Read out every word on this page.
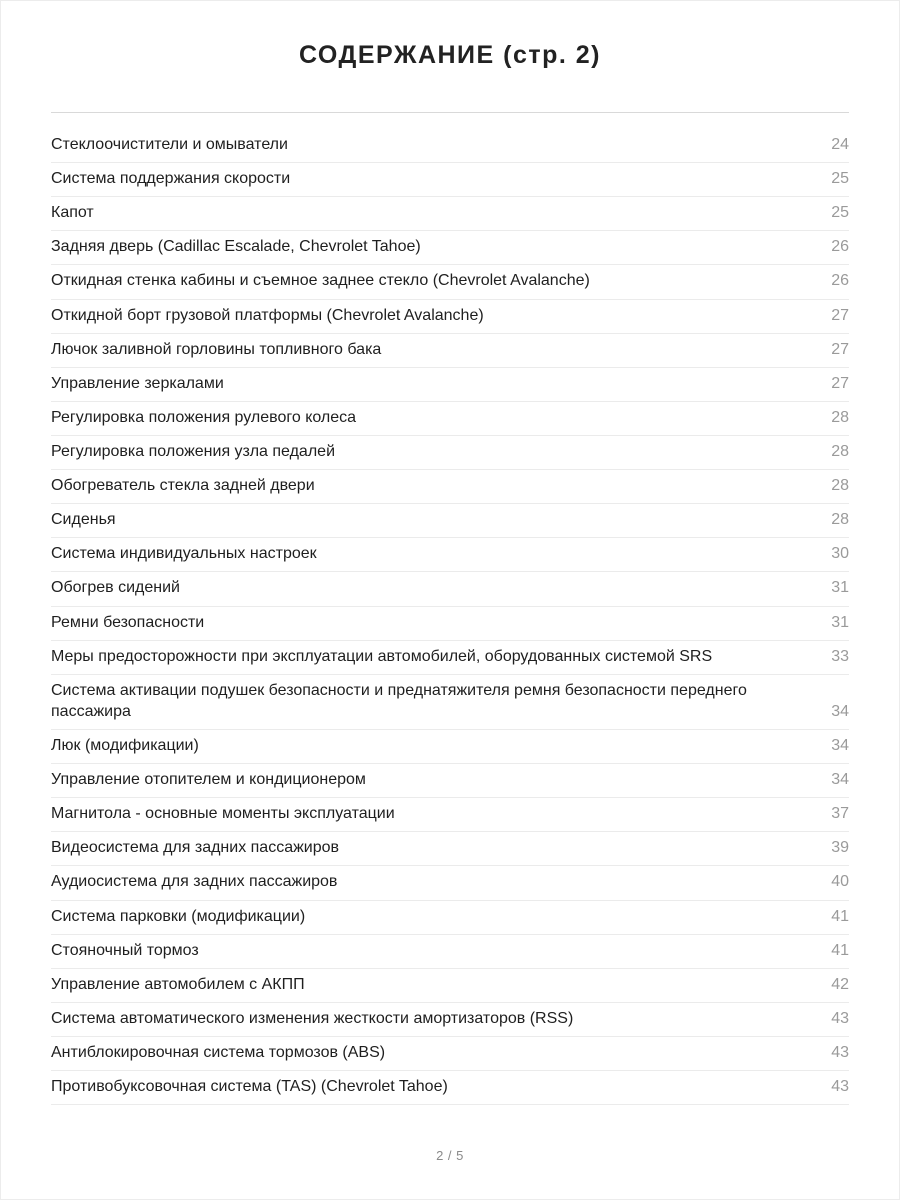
СОДЕРЖАНИЕ (стр. 2)
Стеклоочистители и омыватели	24
Система поддержания скорости	25
Капот	25
Задняя дверь (Cadillac Escalade, Chevrolet Tahoe)	26
Откидная стенка кабины и съемное заднее стекло (Chevrolet Avalanche)	26
Откидной борт грузовой платформы (Chevrolet Avalanche)	27
Лючок заливной горловины топливного бака	27
Управление зеркалами	27
Регулировка положения рулевого колеса	28
Регулировка положения узла педалей	28
Обогреватель стекла задней двери	28
Сиденья	28
Система индивидуальных настроек	30
Обогрев сидений	31
Ремни безопасности	31
Меры предосторожности при эксплуатации автомобилей, оборудованных системой SRS	33
Система активации подушек безопасности и преднатяжителя ремня безопасности переднего пассажира	34
Люк (модификации)	34
Управление отопителем и кондиционером	34
Магнитола - основные моменты эксплуатации	37
Видеосистема для задних пассажиров	39
Аудиосистема для задних пассажиров	40
Система парковки (модификации)	41
Стояночный тормоз	41
Управление автомобилем с АКПП	42
Система автоматического изменения жесткости амортизаторов (RSS)	43
Антиблокировочная система тормозов (ABS)	43
Противобуксовочная система (TAS) (Chevrolet Tahoe)	43
2 / 5
